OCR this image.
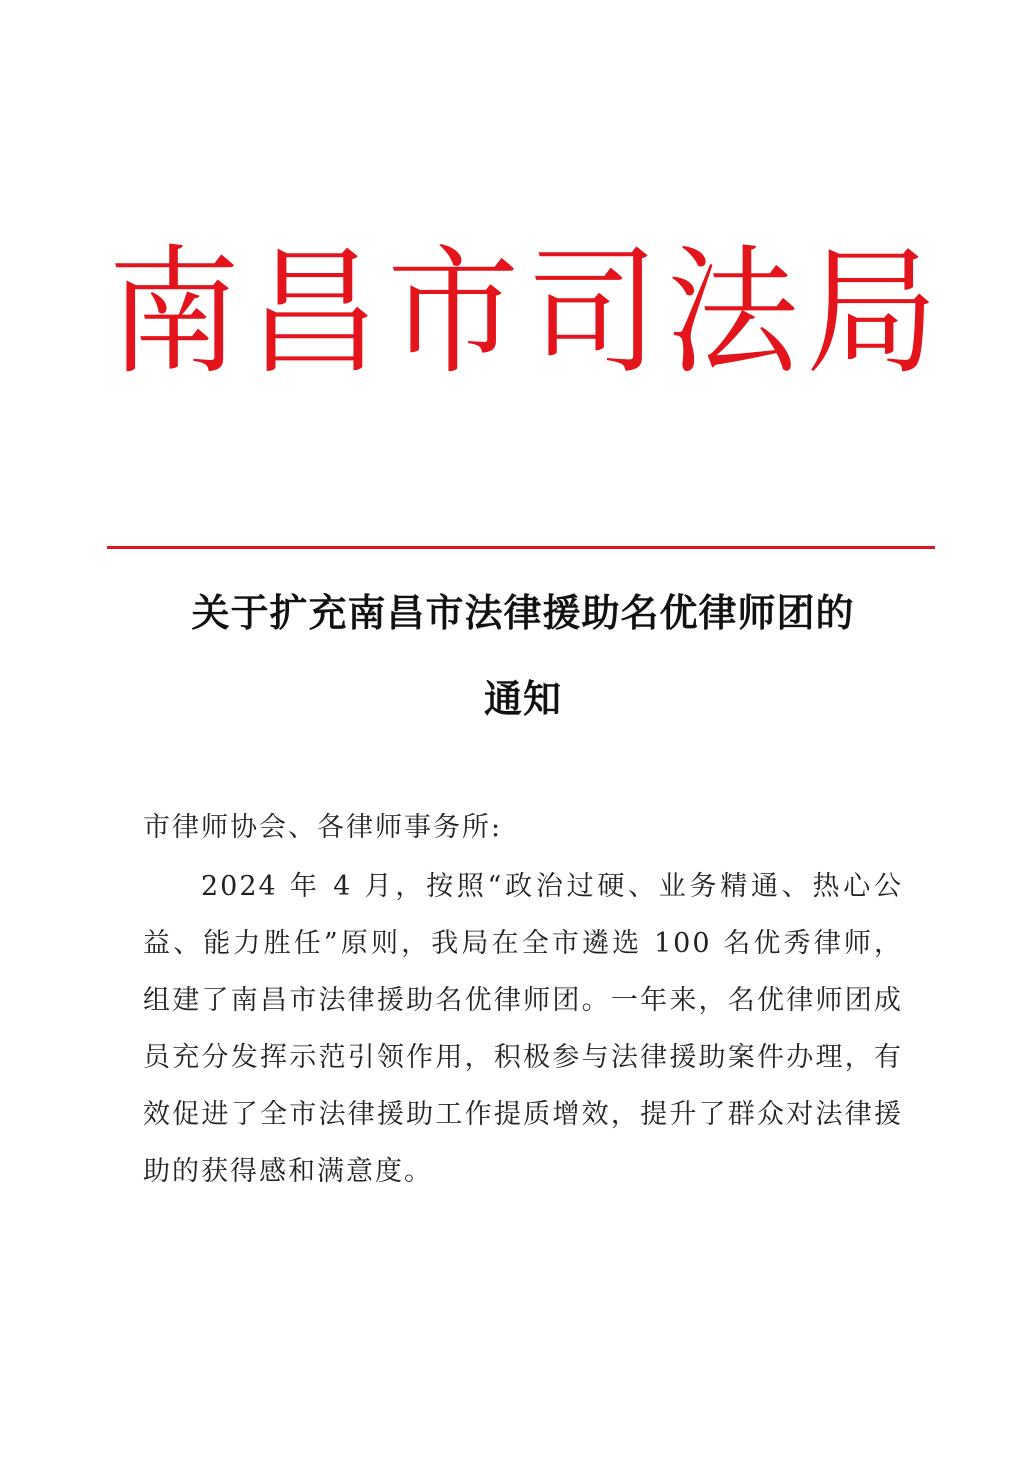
南 昌 市 司 法 局
关于扩充南昌市法律援助名优律师团的
通知
市律师协会、各律师事务所:
2024 年 4 月，按照“政治过硬、业务精通、热心公益、能力胜任”原则，我局在全市遴选 100 名优秀律师，组建了南昌市法律援助名优律师团。一年来，名优律师团成员充分发挥示范引领作用，积极参与法律援助案件办理，有效促进了全市法律援助工作提质增效，提升了群众对法律援助的获得感和满意度。
